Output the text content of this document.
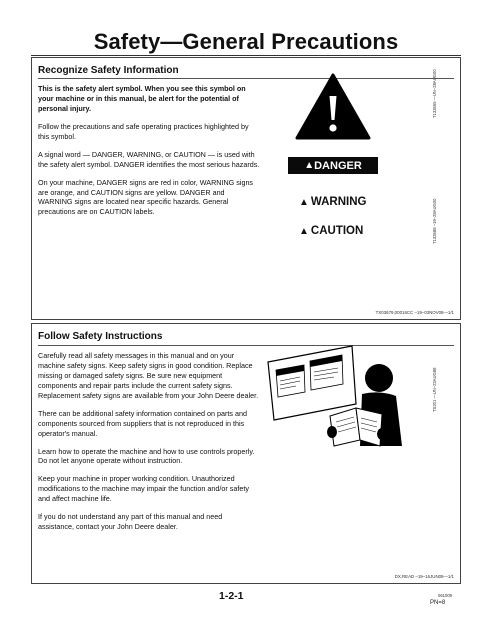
Safety—General Precautions
Recognize Safety Information

This is the safety alert symbol. When you see this symbol on your machine or in this manual, be alert for the potential of personal injury.

Follow the precautions and safe operating practices highlighted by this symbol.

A signal word — DANGER, WARNING, or CAUTION — is used with the safety alert symbol. DANGER identifies the most serious hazards.

On your machine, DANGER signs are red in color, WARNING signs are orange, and CAUTION signs are yellow. DANGER and WARNING signs are located near specific hazards. General precautions are on CAUTION labels.

T133555 —UN–28AUG00
▲ DANGER
▲ WARNING
▲ CAUTION	T133588 –19–28AUG00
TX03679,00016CC –19–03NOV08—1/1
Follow Safety Instructions

Carefully read all safety messages in this manual and on your machine safety signs. Keep safety signs in good condition. Replace missing or damaged safety signs. Be sure new equipment components and repair parts include the current safety signs. Replacement safety signs are available from your John Deere dealer.

There can be additional safety information contained on parts and components sourced from suppliers that is not reproduced in this operator's manual.

Learn how to operate the machine and how to use controls properly. Do not let anyone operate without instruction.

Keep your machine in proper working condition. Unauthorized modifications to the machine may impair the function and/or safety and affect machine life.

If you do not understand any part of this manual and need assistance, contact your John Deere dealer.

TS201 —UN–23AUG88
DX,READ –19–16JUN09—1/1
1-2-1	061009
PN=8
